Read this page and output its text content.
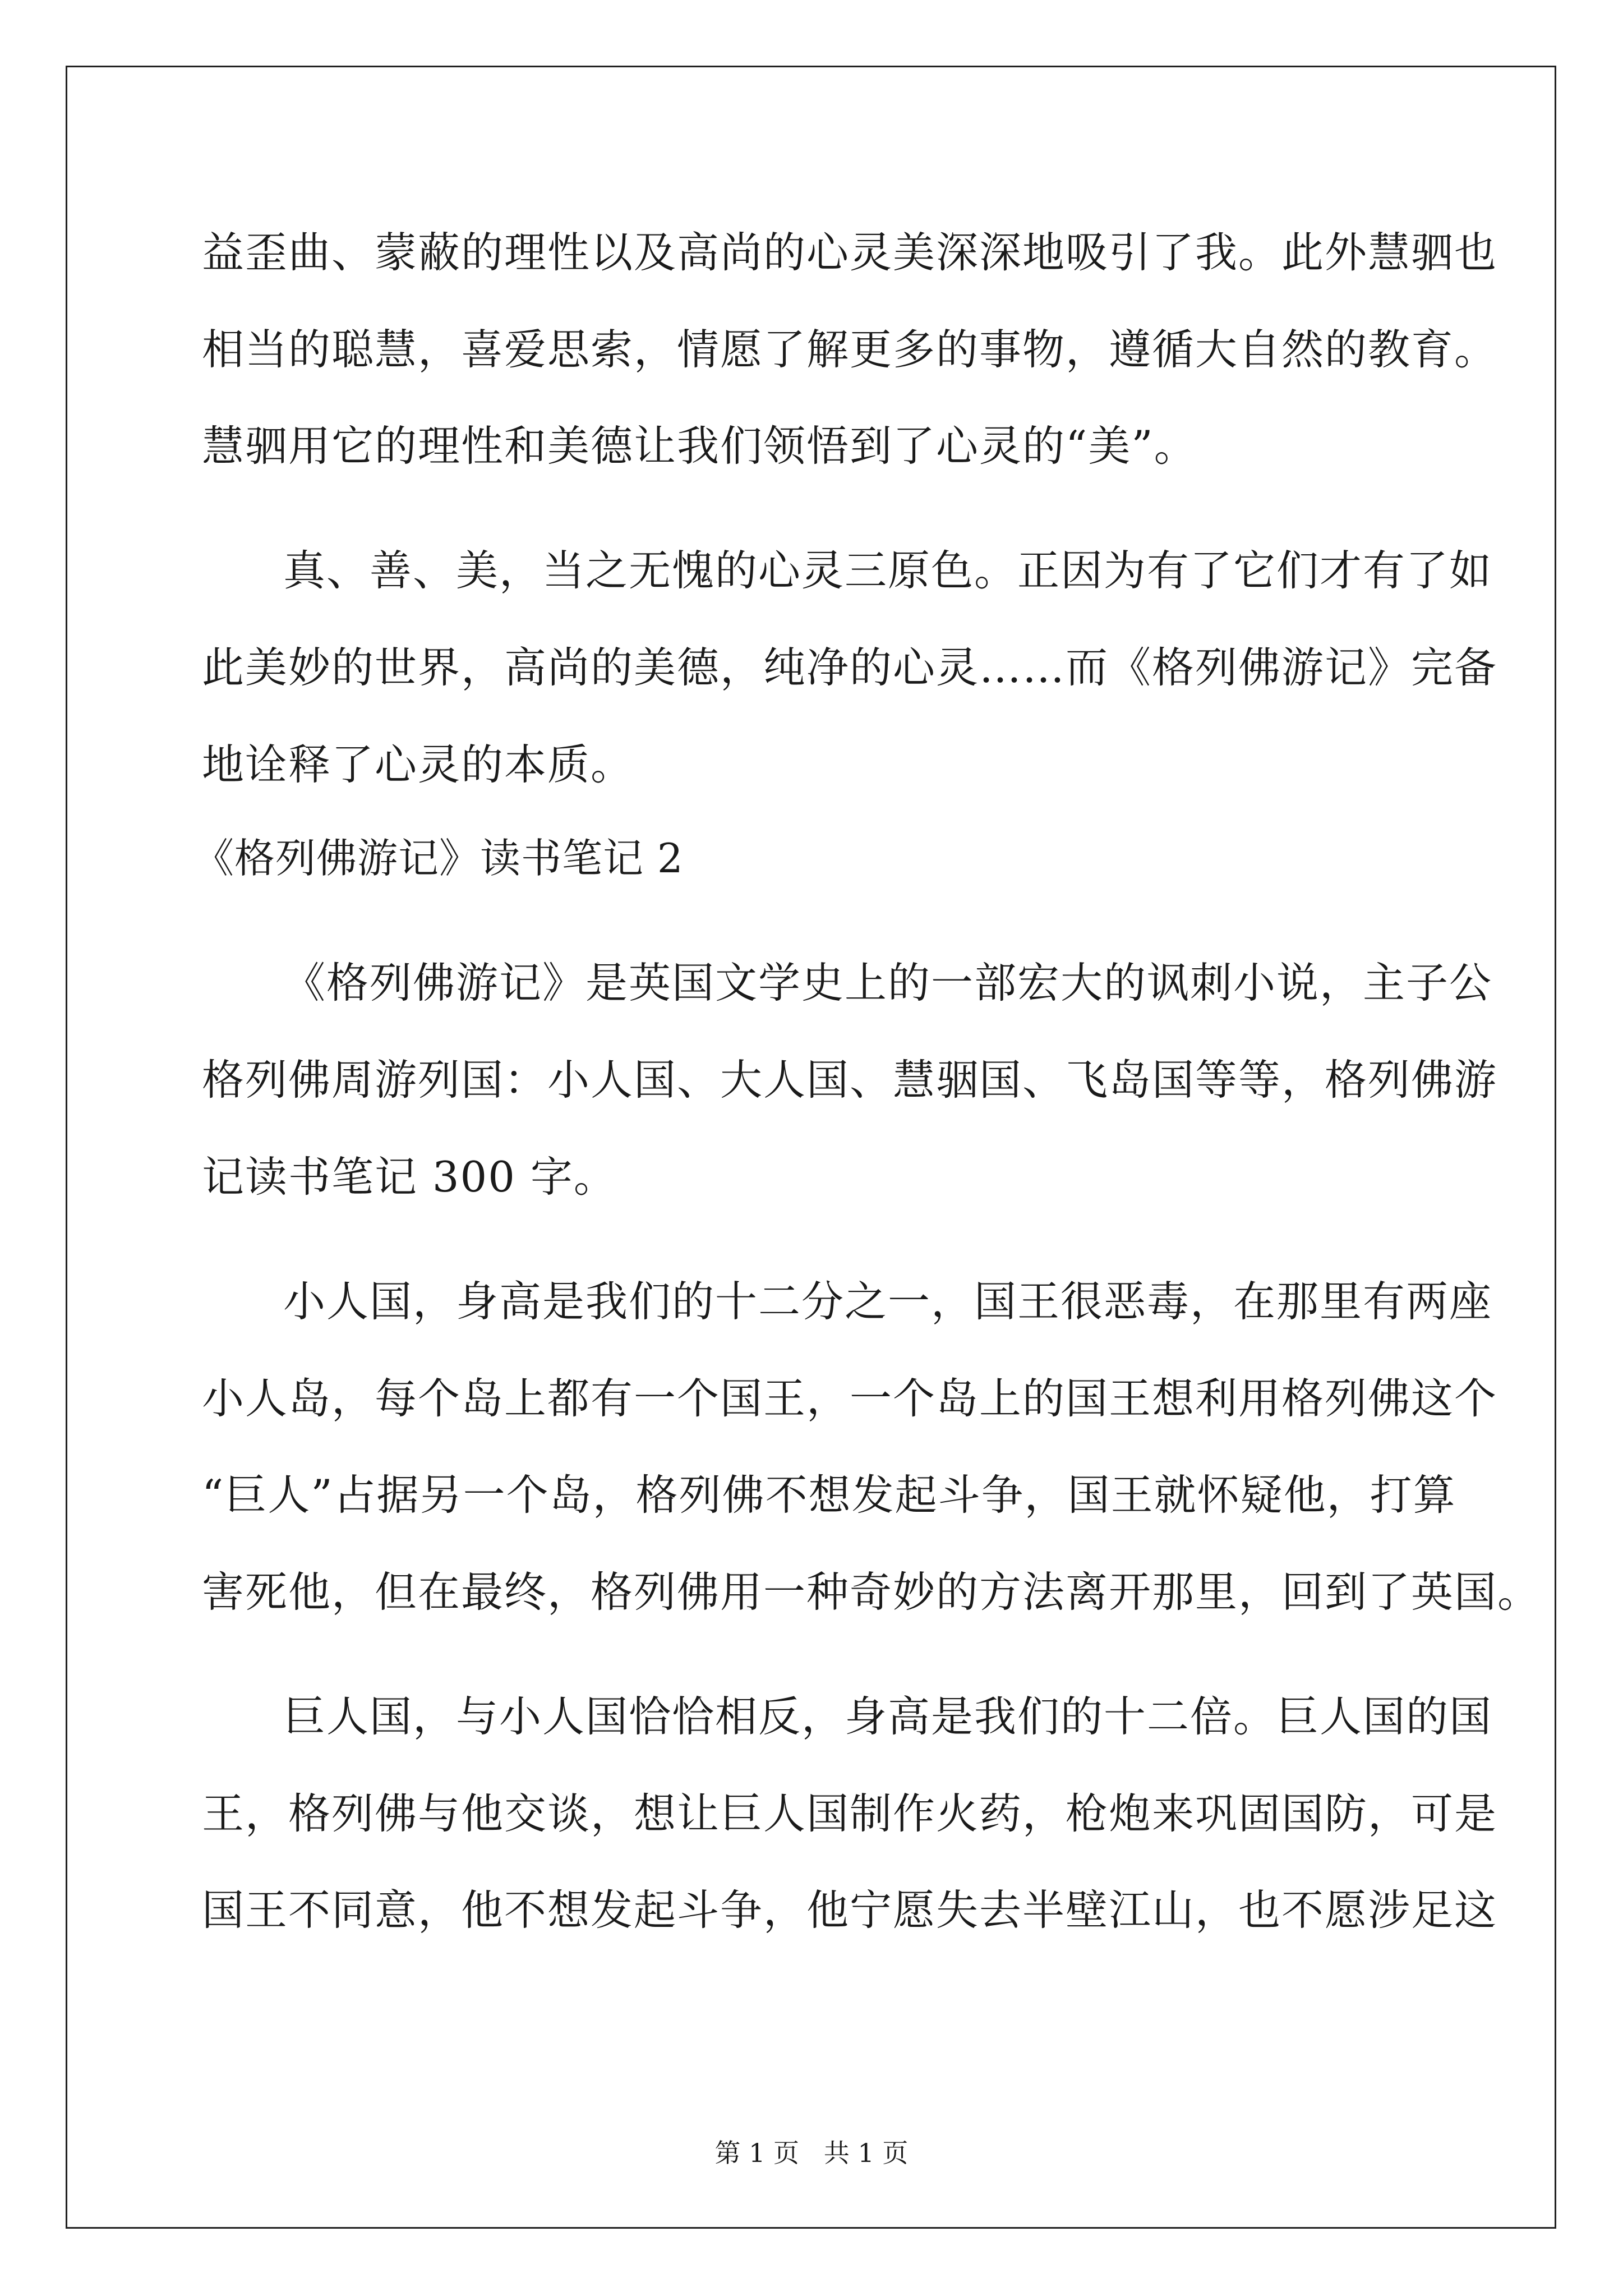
益歪曲、蒙蔽的理性以及高尚的心灵美深深地吸引了我。此外慧驷也
相当的聪慧，喜爱思索，情愿了解更多的事物，遵循大自然的教育。
慧驷用它的理性和美德让我们领悟到了心灵的“美”。
真、善、美，当之无愧的心灵三原色。正因为有了它们才有了如
此美妙的世界，高尚的美德，纯净的心灵……而《格列佛游记》完备
地诠释了心灵的本质。
《格列佛游记》读书笔记 2
《格列佛游记》是英国文学史上的一部宏大的讽刺小说，主子公
格列佛周游列国：小人国、大人国、慧骃国、飞岛国等等，格列佛游
记读书笔记 300 字。
小人国，身高是我们的十二分之一，国王很恶毒，在那里有两座
小人岛，每个岛上都有一个国王，一个岛上的国王想利用格列佛这个
“巨人”占据另一个岛，格列佛不想发起斗争，国王就怀疑他，打算
害死他，但在最终，格列佛用一种奇妙的方法离开那里，回到了英国。
巨人国，与小人国恰恰相反，身高是我们的十二倍。巨人国的国
王，格列佛与他交谈，想让巨人国制作火药，枪炮来巩固国防，可是
国王不同意，他不想发起斗争，他宁愿失去半壁江山，也不愿涉足这
第 1 页   共 1 页
